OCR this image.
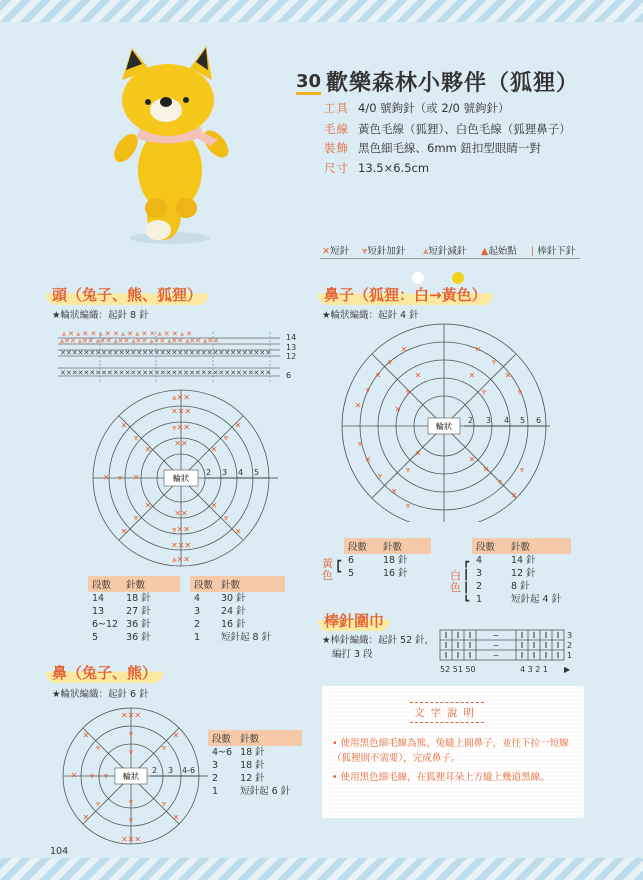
30 歡樂森林小夥伴（狐狸）
工具 4/0 號鉤針（或 2/0 號鉤針）
毛線 黃色毛線（狐狸）、白色毛線（狐狸鼻子）
裝飾 黑色細毛線、6mm 鈕扣型眼睛一對
尺寸 13.5×6.5cm
✕短針 ⩔短針加針 ⩓短針減針 ▲起始點 | 棒針下針
頭（兔子、熊、狐狸）
★輪狀編織：起針 8 針
⩓ ✕ ⩓ ✕ ✕ ⩓ ✕ ✕ ⩓ ✕ ⩓ ✕ ✕ ⩓ ✕ ✕ ⩓ ✕
⩓✕✕ ⩓✕✕ ⩓✕✕ ⩓✕✕ ⩓✕✕ ⩓✕✕ ⩓✕✕ ⩓✕✕ ⩓✕✕
✕✕✕✕✕✕✕✕✕✕✕✕✕✕✕✕✕✕✕✕✕✕✕✕✕✕✕✕✕✕✕✕✕✕✕✕
✕✕✕✕✕✕✕✕✕✕✕✕✕✕✕✕✕✕✕✕✕✕✕✕✕✕✕✕✕✕✕✕✕✕✕✕
14
13
12
6
✕✕
⩔✕✕
✕✕✕
⩓✕✕
✕✕
⩔✕✕
✕✕✕
⩓✕✕
✕
⩔
✕
✕
⩔
✕
✕
⩔
✕
✕
⩔
✕
✕
⩔
✕
輪狀
2 3 4 5
段數	針數
14	18 針
13	27 針
6~12	36 針
5	36 針
段數	針數
4	30 針
3	24 針
2	16 針
1	短針起 8 針
鼻（兔子、熊）
★輪狀編織：起針 6 針
✕✕✕
⩔
⩔
✕✕✕
⩔
⩔
✕ ⩔ ⩔
✕
⩔
✕
⩔
✕
⩔
✕
⩔
輪狀
2 3 4-6
段數	針數
4~6	18 針
3	18 針
2	12 針
1	短針起 6 針
鼻子（狐狸：白→黃色）
★輪狀編織：起針 4 針
✕
⩔
✕
⩔
✕
⩔
✕
⩔
✕
⩔
✕
⩔
✕
⩔
✕
⩔
✕
⩔
✕
⩔
✕
✕
⩔
✕
⩔
✕
輪狀
2 3 4 5 6
黃色
┏
┗
段數	針數
6	18 針
5	16 針	白色
┏
┃
┃
┗
段數	針數
4	14 針
3	12 針
2	8 針
1	短針起 4 針
棒針圍巾
★棒針編織：起針 52 針，
編打 3 段
~
~
~
3
2
1
52 51 50	4 3 2 1 ▶
文字說明
• 使用黑色細毛線為熊、兔縫上圓鼻子，並往下拉一短線（狐狸則不需要），完成鼻子。
• 使用黑色細毛線，在狐狸耳朵上方縫上幾道黑線。
104
